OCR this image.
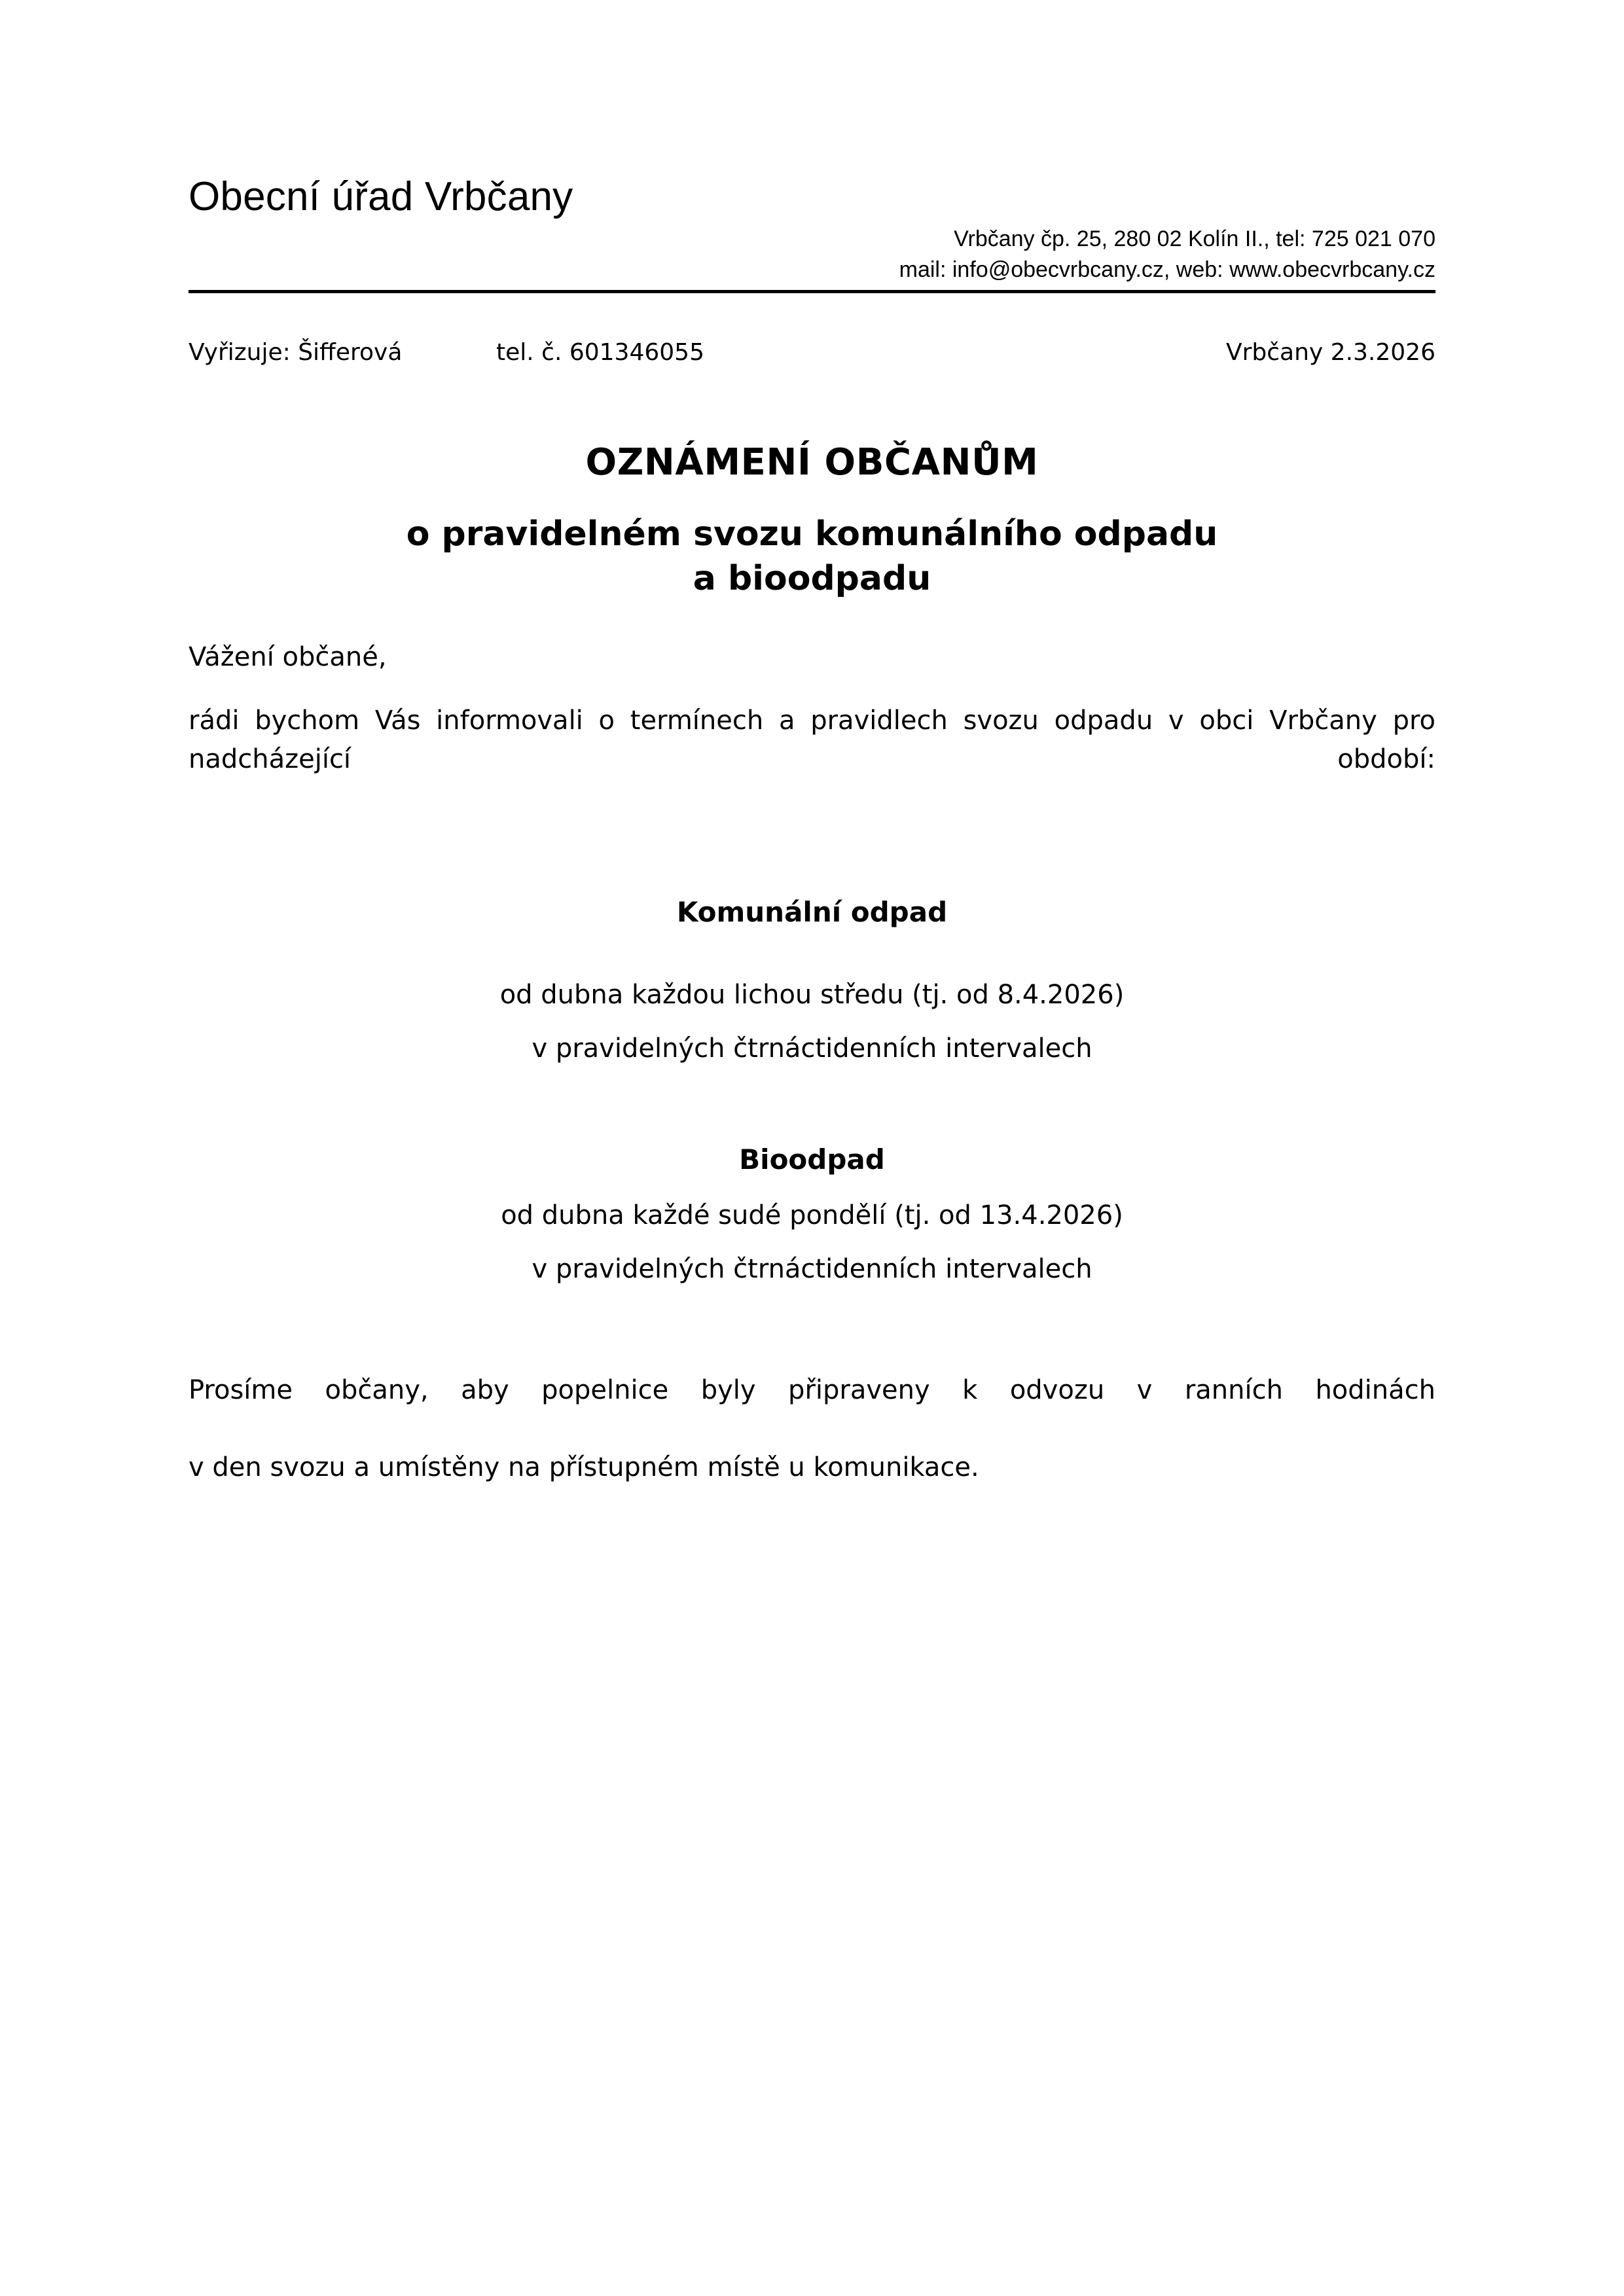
Obecní úřad Vrbčany
Vrbčany čp. 25, 280 02 Kolín II., tel: 725 021 070
mail: info@obecvrbcany.cz, web: www.obecvrbcany.cz
Vyřizuje: Šifferová	tel. č. 601346055	Vrbčany 2.3.2026
OZNÁMENÍ OBČANŮM
o pravidelném svozu komunálního odpadu
a bioodpadu
Vážení občané,
rádi bychom Vás informovali o termínech a pravidlech svozu odpadu v obci Vrbčany pro nadcházející období:
Komunální odpad
od dubna každou lichou středu (tj. od 8.4.2026)
v pravidelných čtrnáctidenních intervalech
Bioodpad
od dubna každé sudé pondělí (tj. od 13.4.2026)
v pravidelných čtrnáctidenních intervalech
Prosíme občany, aby popelnice byly připraveny k odvozu v ranních hodinách
v den svozu a umístěny na přístupném místě u komunikace.
